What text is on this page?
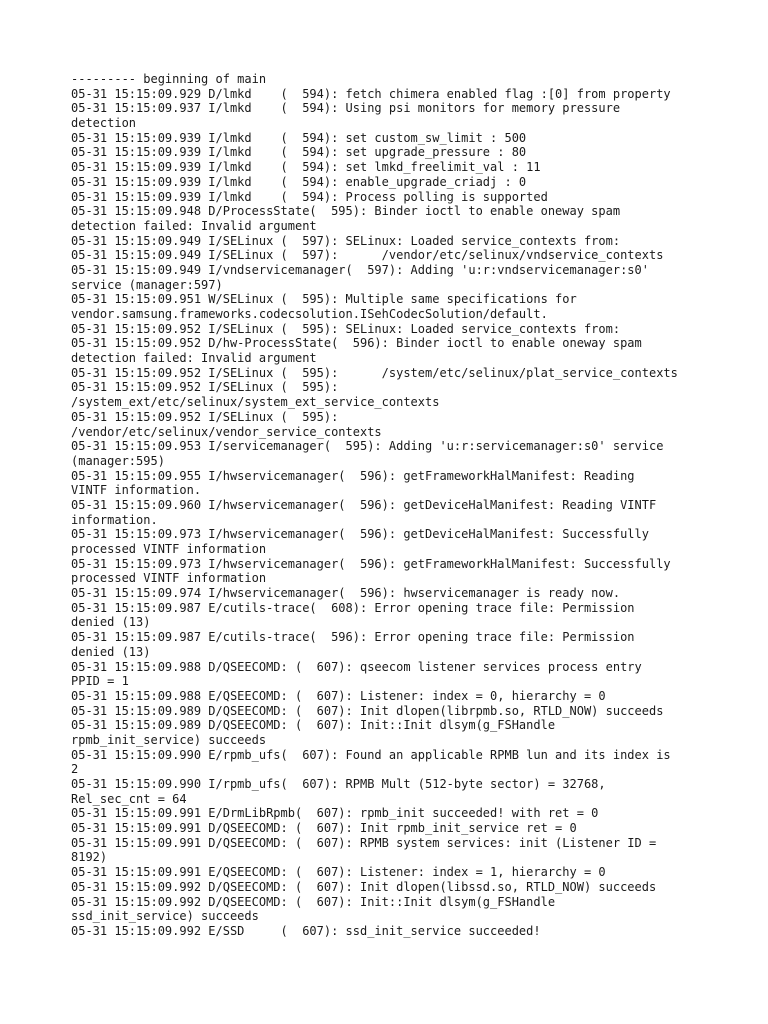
--------- beginning of main
05-31 15:15:09.929 D/lmkd    (  594): fetch chimera enabled flag :[0] from property
05-31 15:15:09.937 I/lmkd    (  594): Using psi monitors for memory pressure
detection
05-31 15:15:09.939 I/lmkd    (  594): set custom_sw_limit : 500
05-31 15:15:09.939 I/lmkd    (  594): set upgrade_pressure : 80
05-31 15:15:09.939 I/lmkd    (  594): set lmkd_freelimit_val : 11
05-31 15:15:09.939 I/lmkd    (  594): enable_upgrade_criadj : 0
05-31 15:15:09.939 I/lmkd    (  594): Process polling is supported
05-31 15:15:09.948 D/ProcessState(  595): Binder ioctl to enable oneway spam
detection failed: Invalid argument
05-31 15:15:09.949 I/SELinux (  597): SELinux: Loaded service_contexts from:
05-31 15:15:09.949 I/SELinux (  597):      /vendor/etc/selinux/vndservice_contexts
05-31 15:15:09.949 I/vndservicemanager(  597): Adding 'u:r:vndservicemanager:s0'
service (manager:597)
05-31 15:15:09.951 W/SELinux (  595): Multiple same specifications for
vendor.samsung.frameworks.codecsolution.ISehCodecSolution/default.
05-31 15:15:09.952 I/SELinux (  595): SELinux: Loaded service_contexts from:
05-31 15:15:09.952 D/hw-ProcessState(  596): Binder ioctl to enable oneway spam
detection failed: Invalid argument
05-31 15:15:09.952 I/SELinux (  595):      /system/etc/selinux/plat_service_contexts
05-31 15:15:09.952 I/SELinux (  595):
/system_ext/etc/selinux/system_ext_service_contexts
05-31 15:15:09.952 I/SELinux (  595):
/vendor/etc/selinux/vendor_service_contexts
05-31 15:15:09.953 I/servicemanager(  595): Adding 'u:r:servicemanager:s0' service
(manager:595)
05-31 15:15:09.955 I/hwservicemanager(  596): getFrameworkHalManifest: Reading
VINTF information.
05-31 15:15:09.960 I/hwservicemanager(  596): getDeviceHalManifest: Reading VINTF
information.
05-31 15:15:09.973 I/hwservicemanager(  596): getDeviceHalManifest: Successfully
processed VINTF information
05-31 15:15:09.973 I/hwservicemanager(  596): getFrameworkHalManifest: Successfully
processed VINTF information
05-31 15:15:09.974 I/hwservicemanager(  596): hwservicemanager is ready now.
05-31 15:15:09.987 E/cutils-trace(  608): Error opening trace file: Permission
denied (13)
05-31 15:15:09.987 E/cutils-trace(  596): Error opening trace file: Permission
denied (13)
05-31 15:15:09.988 D/QSEECOMD: (  607): qseecom listener services process entry
PPID = 1
05-31 15:15:09.988 E/QSEECOMD: (  607): Listener: index = 0, hierarchy = 0
05-31 15:15:09.989 D/QSEECOMD: (  607): Init dlopen(librpmb.so, RTLD_NOW) succeeds
05-31 15:15:09.989 D/QSEECOMD: (  607): Init::Init dlsym(g_FSHandle
rpmb_init_service) succeeds
05-31 15:15:09.990 E/rpmb_ufs(  607): Found an applicable RPMB lun and its index is
2
05-31 15:15:09.990 I/rpmb_ufs(  607): RPMB Mult (512-byte sector) = 32768,
Rel_sec_cnt = 64
05-31 15:15:09.991 E/DrmLibRpmb(  607): rpmb_init succeeded! with ret = 0
05-31 15:15:09.991 D/QSEECOMD: (  607): Init rpmb_init_service ret = 0
05-31 15:15:09.991 D/QSEECOMD: (  607): RPMB system services: init (Listener ID =
8192)
05-31 15:15:09.991 E/QSEECOMD: (  607): Listener: index = 1, hierarchy = 0
05-31 15:15:09.992 D/QSEECOMD: (  607): Init dlopen(libssd.so, RTLD_NOW) succeeds
05-31 15:15:09.992 D/QSEECOMD: (  607): Init::Init dlsym(g_FSHandle
ssd_init_service) succeeds
05-31 15:15:09.992 E/SSD     (  607): ssd_init_service succeeded!
